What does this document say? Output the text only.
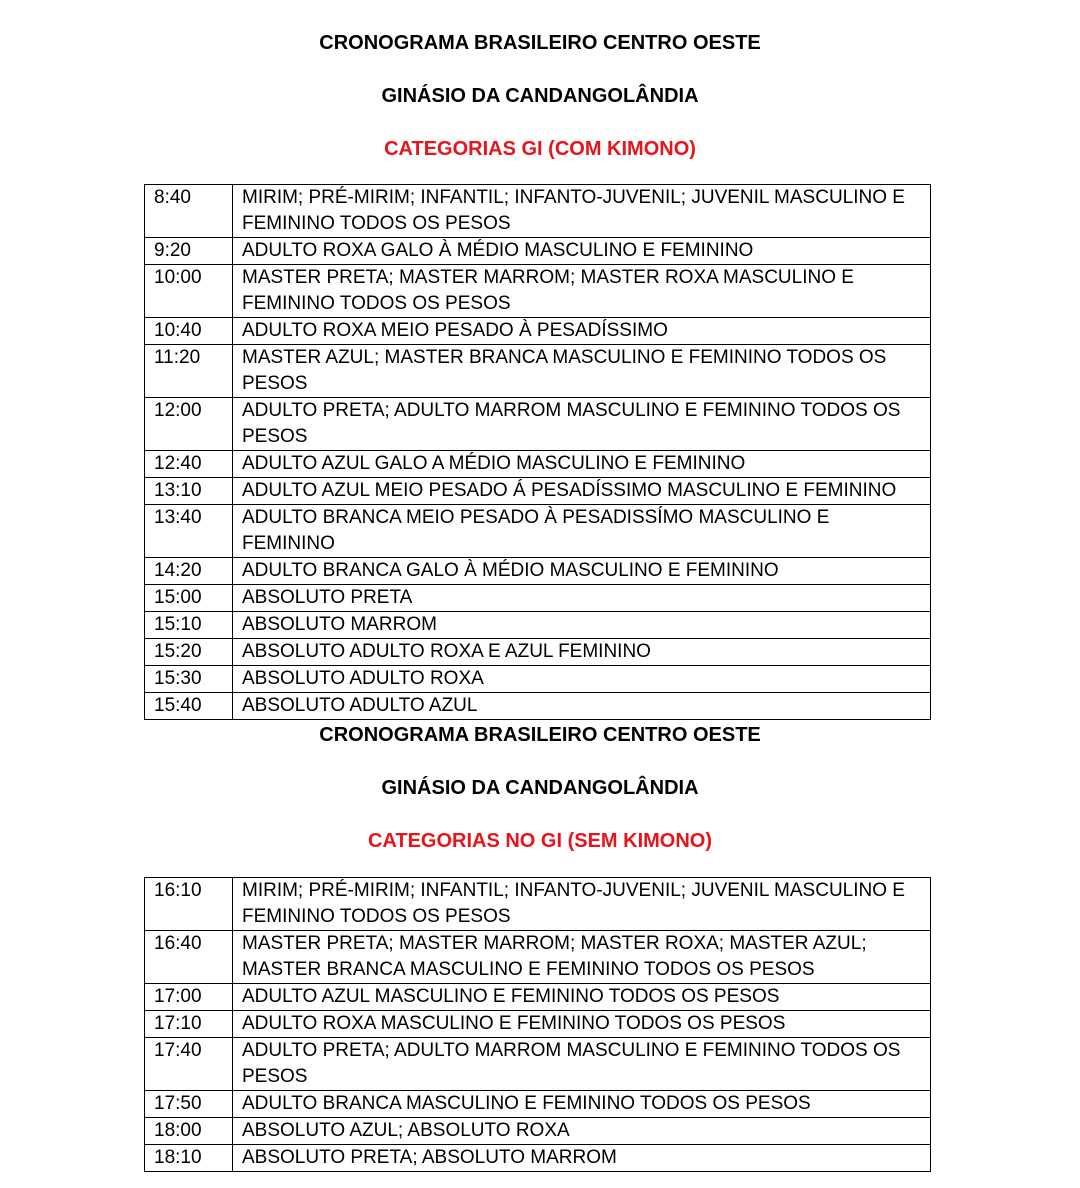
CRONOGRAMA BRASILEIRO CENTRO OESTE
GINÁSIO DA CANDANGOLÂNDIA
CATEGORIAS GI (COM KIMONO)
8:40	MIRIM; PRÉ-MIRIM; INFANTIL; INFANTO-JUVENIL; JUVENIL MASCULINO E FEMININO TODOS OS PESOS
9:20	ADULTO ROXA GALO À MÉDIO MASCULINO E FEMININO
10:00	MASTER PRETA; MASTER MARROM; MASTER ROXA MASCULINO E FEMININO TODOS OS PESOS
10:40	ADULTO ROXA MEIO PESADO À PESADÍSSIMO
11:20	MASTER AZUL; MASTER BRANCA MASCULINO E FEMININO TODOS OS PESOS
12:00	ADULTO PRETA; ADULTO MARROM MASCULINO E FEMININO TODOS OS PESOS
12:40	ADULTO AZUL GALO A MÉDIO MASCULINO E FEMININO
13:10	ADULTO AZUL MEIO PESADO Á PESADÍSSIMO MASCULINO E FEMININO
13:40	ADULTO BRANCA MEIO PESADO À PESADISSÍMO MASCULINO E FEMININO
14:20	ADULTO BRANCA GALO À MÉDIO MASCULINO E FEMININO
15:00	ABSOLUTO PRETA
15:10	ABSOLUTO MARROM
15:20	ABSOLUTO ADULTO ROXA E AZUL FEMININO
15:30	ABSOLUTO ADULTO ROXA
15:40	ABSOLUTO ADULTO AZUL
CRONOGRAMA BRASILEIRO CENTRO OESTE
GINÁSIO DA CANDANGOLÂNDIA
CATEGORIAS NO GI (SEM KIMONO)
16:10	MIRIM; PRÉ-MIRIM; INFANTIL; INFANTO-JUVENIL; JUVENIL MASCULINO E FEMININO TODOS OS PESOS
16:40	MASTER PRETA; MASTER MARROM; MASTER ROXA; MASTER AZUL; MASTER BRANCA MASCULINO E FEMININO TODOS OS PESOS
17:00	ADULTO AZUL MASCULINO E FEMININO TODOS OS PESOS
17:10	ADULTO ROXA MASCULINO E FEMININO TODOS OS PESOS
17:40	ADULTO PRETA; ADULTO MARROM MASCULINO E FEMININO TODOS OS PESOS
17:50	ADULTO BRANCA MASCULINO E FEMININO TODOS OS PESOS
18:00	ABSOLUTO AZUL; ABSOLUTO ROXA
18:10	ABSOLUTO PRETA; ABSOLUTO MARROM
